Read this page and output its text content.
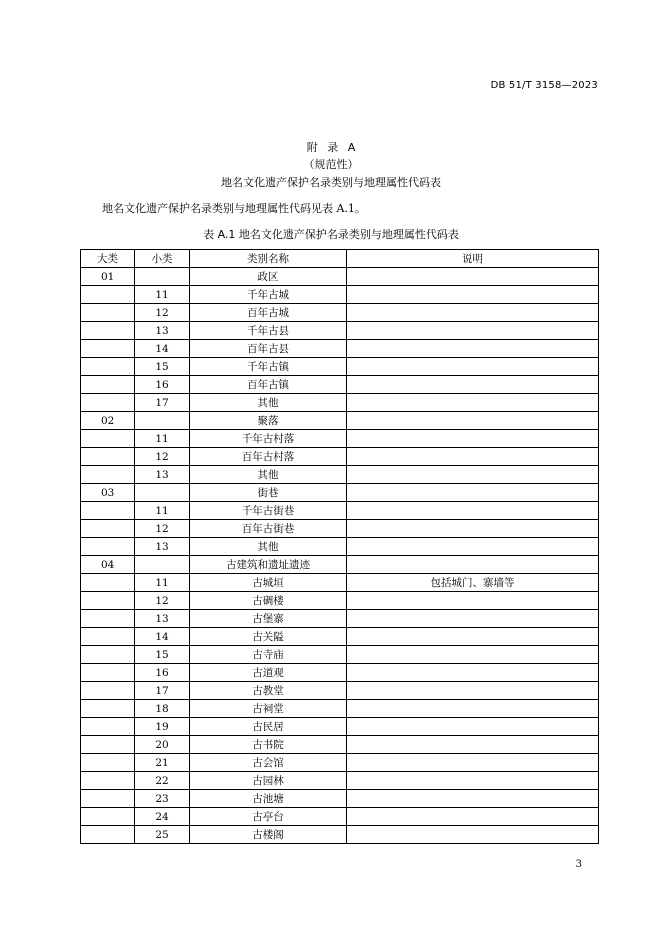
DB 51/T 3158—2023
附 录 A
（规范性）
地名文化遗产保护名录类别与地理属性代码表
地名文化遗产保护名录类别与地理属性代码见表 A.1。
表 A.1 地名文化遗产保护名录类别与地理属性代码表
大类	小类	类别名称	说明
01		政区	
	11	千年古城	
	12	百年古城	
	13	千年古县	
	14	百年古县	
	15	千年古镇	
	16	百年古镇	
	17	其他	
02		聚落	
	11	千年古村落	
	12	百年古村落	
	13	其他	
03		街巷	
	11	千年古街巷	
	12	百年古街巷	
	13	其他	
04		古建筑和遗址遗迹	
	11	古城垣	包括城门、寨墙等
	12	古碉楼	
	13	古堡寨	
	14	古关隘	
	15	古寺庙	
	16	古道观	
	17	古教堂	
	18	古祠堂	
	19	古民居	
	20	古书院	
	21	古会馆	
	22	古园林	
	23	古池塘	
	24	古亭台	
	25	古楼阁	
3
